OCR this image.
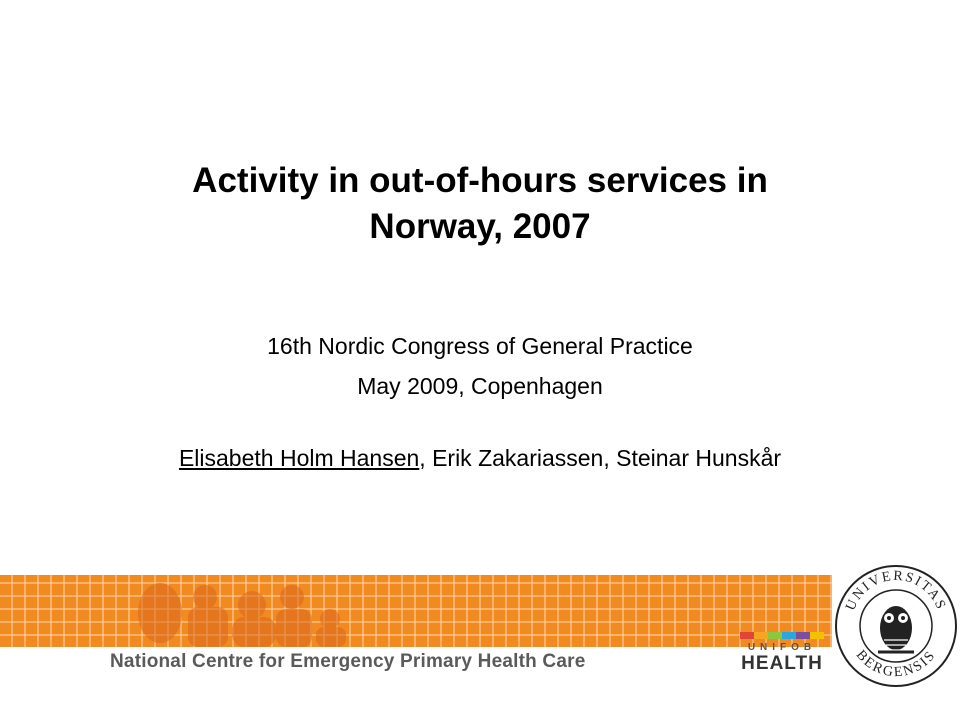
Activity in out-of-hours services in
Norway, 2007
16th Nordic Congress of General Practice
May 2009, Copenhagen
Elisabeth Holm Hansen, Erik Zakariassen, Steinar Hunskår
National Centre for Emergency Primary Health Care
UNIFOB
HEALTH
UNIVERSITAS
BERGENSIS
